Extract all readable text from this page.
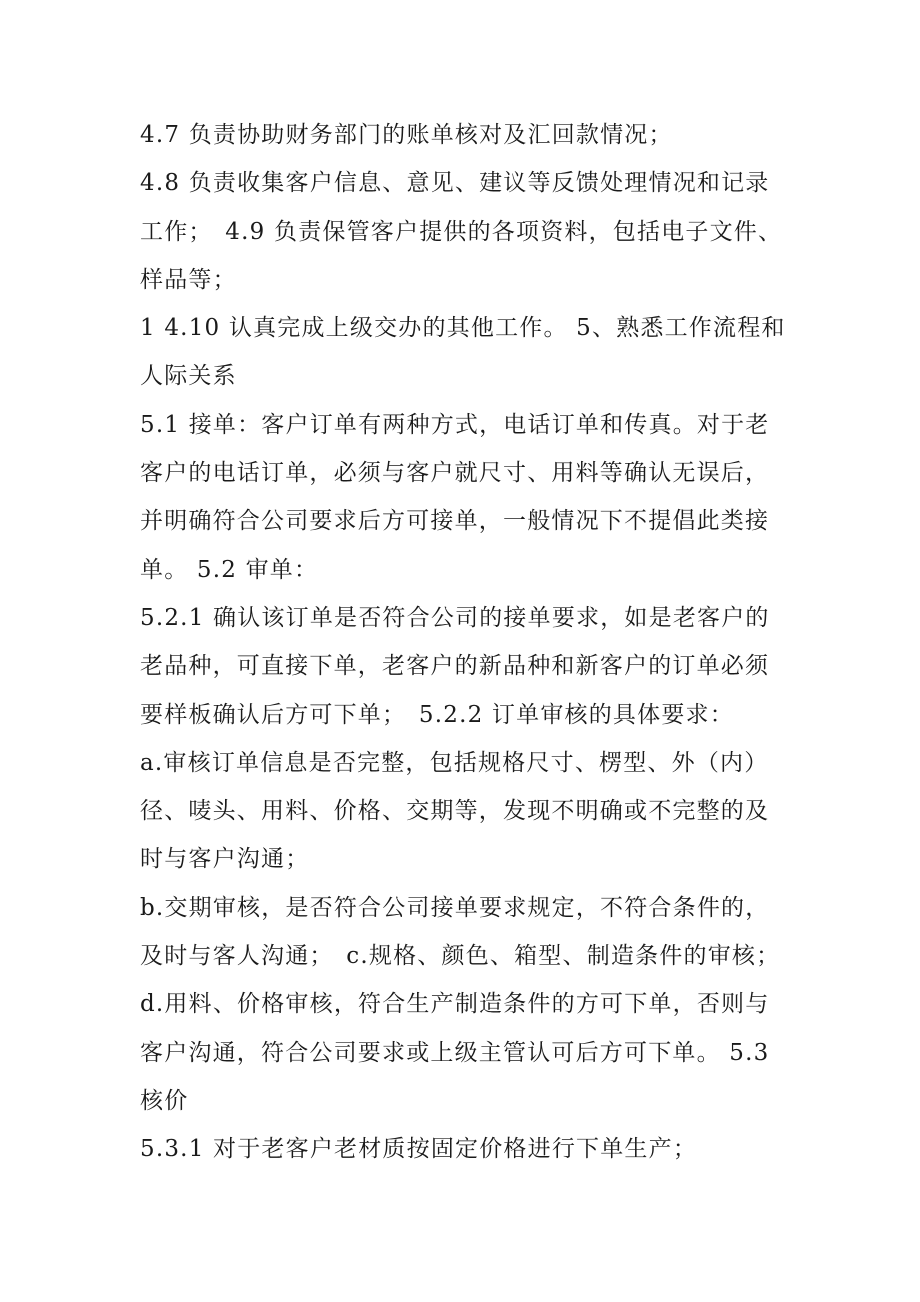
4.7 负责协助财务部门的账单核对及汇回款情况；
4.8 负责收集客户信息、意见、建议等反馈处理情况和记录
工作；　4.9 负责保管客户提供的各项资料，包括电子文件、
样品等；
1 4.10 认真完成上级交办的其他工作。 5、熟悉工作流程和
人际关系
5.1 接单：客户订单有两种方式，电话订单和传真。对于老
客户的电话订单，必须与客户就尺寸、用料等确认无误后，
并明确符合公司要求后方可接单，一般情况下不提倡此类接
单。 5.2 审单：
5.2.1 确认该订单是否符合公司的接单要求，如是老客户的
老品种，可直接下单，老客户的新品种和新客户的订单必须
要样板确认后方可下单；　5.2.2 订单审核的具体要求：
a.审核订单信息是否完整，包括规格尺寸、楞型、外（内）
径、唛头、用料、价格、交期等，发现不明确或不完整的及
时与客户沟通；
b.交期审核，是否符合公司接单要求规定，不符合条件的，
及时与客人沟通；　c.规格、颜色、箱型、制造条件的审核；
d.用料、价格审核，符合生产制造条件的方可下单，否则与
客户沟通，符合公司要求或上级主管认可后方可下单。 5.3
核价
5.3.1 对于老客户老材质按固定价格进行下单生产；
